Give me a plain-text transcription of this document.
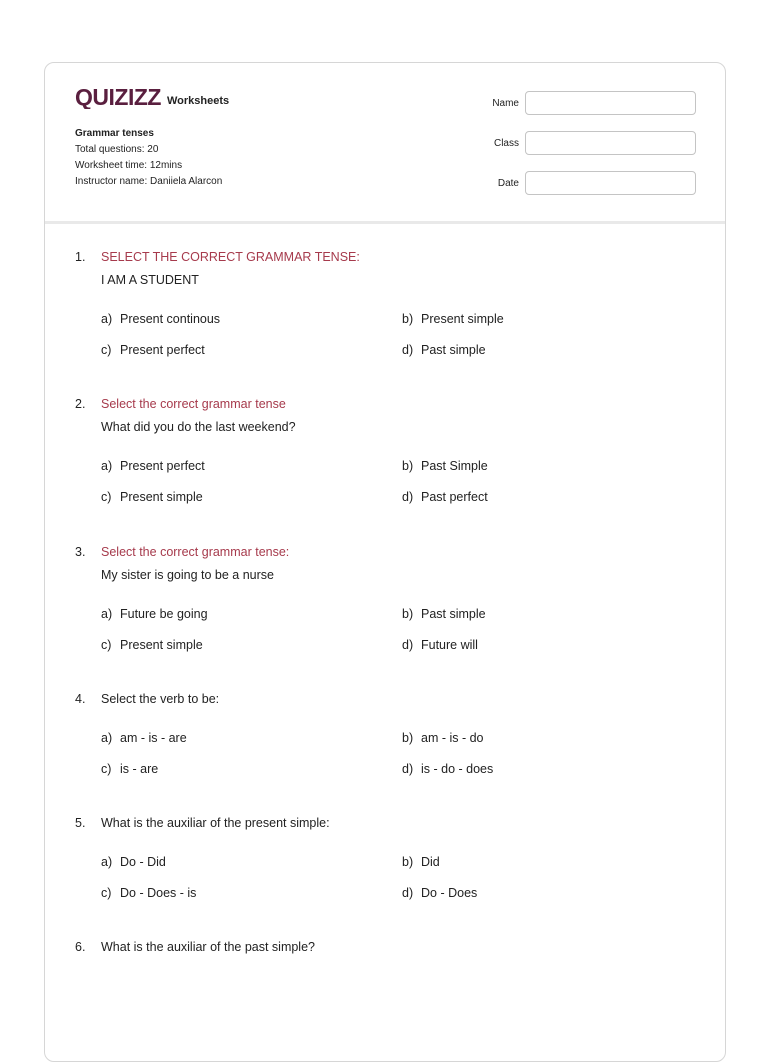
QUIZIZZ Worksheets
Grammar tenses
Total questions: 20
Worksheet time: 12mins
Instructor name: Daniiela Alarcon
Name
Class
Date
1. SELECT THE CORRECT GRAMMAR TENSE:
I AM A STUDENT
a) Present continous	b) Present simple
c) Present perfect	d) Past simple
2. Select the correct grammar tense
What did you do the last weekend?
a) Present perfect	b) Past Simple
c) Present simple	d) Past perfect
3. Select the correct grammar tense:
My sister is going to be a nurse
a) Future be going	b) Past simple
c) Present simple	d) Future will
4. Select the verb to be:
a) am - is - are	b) am - is - do
c) is - are	d) is - do - does
5. What is the auxiliar of the present simple:
a) Do - Did	b) Did
c) Do - Does - is	d) Do - Does
6. What is the auxiliar of the past simple?
